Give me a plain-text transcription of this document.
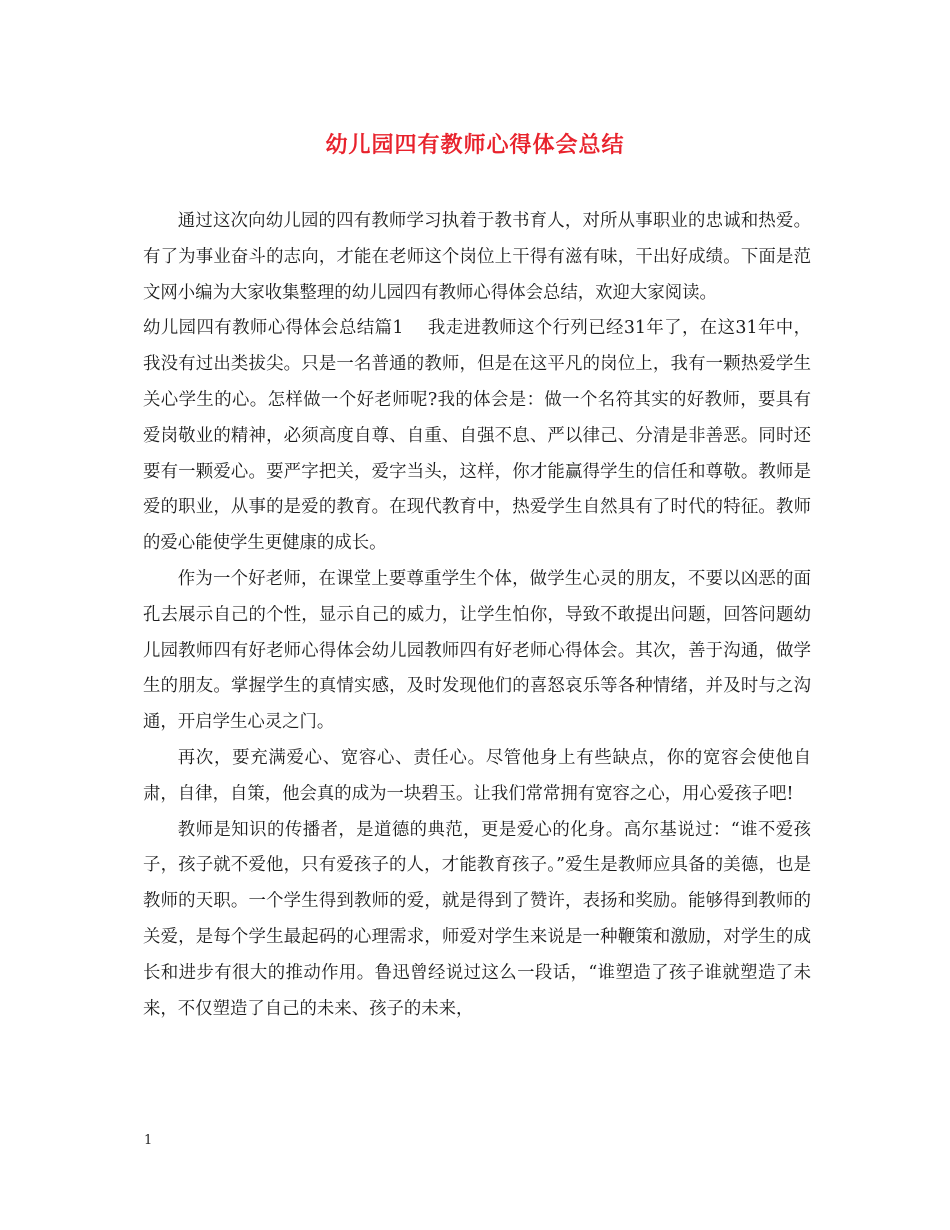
幼儿园四有教师心得体会总结

通过这次向幼儿园的四有教师学习执着于教书育人，对所从事职业的忠诚和热爱。有了为事业奋斗的志向，才能在老师这个岗位上干得有滋有味，干出好成绩。下面是范文网小编为大家收集整理的幼儿园四有教师心得体会总结，欢迎大家阅读。

幼儿园四有教师心得体会总结篇1 我走进教师这个行列已经31年了，在这31年中，我没有过出类拔尖。只是一名普通的教师，但是在这平凡的岗位上，我有一颗热爱学生关心学生的心。怎样做一个好老师呢?我的体会是：做一个名符其实的好教师，要具有爱岗敬业的精神，必须高度自尊、自重、自强不息、严以律己、分清是非善恶。同时还要有一颗爱心。要严字把关，爱字当头，这样，你才能赢得学生的信任和尊敬。教师是爱的职业，从事的是爱的教育。在现代教育中，热爱学生自然具有了时代的特征。教师的爱心能使学生更健康的成长。

作为一个好老师，在课堂上要尊重学生个体，做学生心灵的朋友，不要以凶恶的面孔去展示自己的个性，显示自己的威力，让学生怕你，导致不敢提出问题，回答问题幼儿园教师四有好老师心得体会幼儿园教师四有好老师心得体会。其次，善于沟通，做学生的朋友。掌握学生的真情实感，及时发现他们的喜怒哀乐等各种情绪，并及时与之沟通，开启学生心灵之门。

再次，要充满爱心、宽容心、责任心。尽管他身上有些缺点，你的宽容会使他自肃，自律，自策，他会真的成为一块碧玉。让我们常常拥有宽容之心，用心爱孩子吧!

教师是知识的传播者，是道德的典范，更是爱心的化身。高尔基说过：“谁不爱孩子，孩子就不爱他，只有爱孩子的人，才能教育孩子。”爱生是教师应具备的美德，也是教师的天职。一个学生得到教师的爱，就是得到了赞许，表扬和奖励。能够得到教师的关爱，是每个学生最起码的心理需求，师爱对学生来说是一种鞭策和激励，对学生的成长和进步有很大的推动作用。鲁迅曾经说过这么一段话，“谁塑造了孩子谁就塑造了未来，不仅塑造了自己的未来、孩子的未来，

1
